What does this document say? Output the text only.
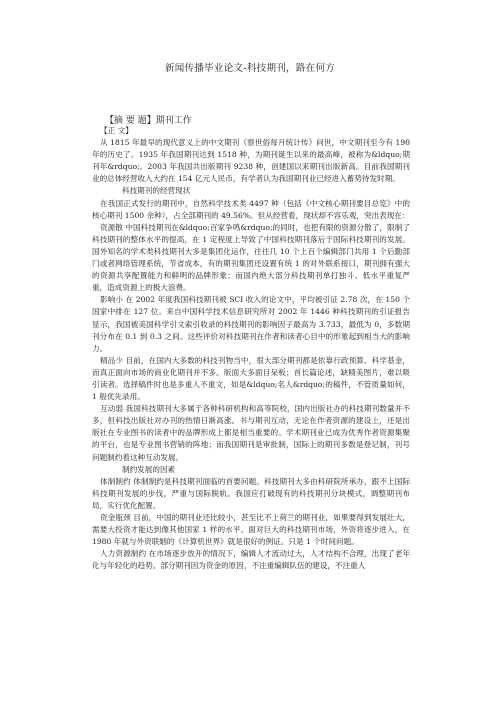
新闻传播毕业论文-科技期刊，路在何方
【摘 要 题】期刊工作

【正 文】

从 1815 年最早的现代意义上的中文期刊《察世俗每月统计传》问世，中文期刊至今有 190 年的历史了。1935 年我国期刊达到 1518 种，为期刊诞生以来的最高峰，被称为&ldquo;期刊年&rdquo;。2003 年我国共出版期刊 9238 种，创建国以来期刊出版新高。目前我国期刊业的总体经营收入大约在 154 亿元人民币，有学者认为我国期刊业已经进入蓄势待发时期。

科技期刊的经营现状

在我国正式发行的期刊中，自然科学技术类 4497 种（包括《中文核心期刊要目总览》中的核心期刊 1500 余种），占全部期刊的 49.56%。但从经营看，现状却不容乐观，突出表现在：

资源散 中国科技期刊在&ldquo;百家争鸣&rdquo;的同时，也把有限的资源分散了，限制了科技期刊的整体水平的提高，在 1 定程度上导致了中国科技期刊落后于国际科技期刊的发展。国外知名的学术类科技期刊大多是集团化运作，往往几 10 个上百个编辑部门共用 1 个后勤部门或者网络管理系统，节省成本，有的期刊集团还设置有统 1 的对外联系接口，期刊拥有强大的资源共享配置能力和鲜明的品牌形象；而国内绝大部分科技期刊单打独斗、低水平重复严重，造成资源上的极大浪费。

影响小 在 2002 年度我国科技期刊被 SCI 收入的论文中，平均被引证 2.78 次，在 150 个国家中排在 127 位。来自中国科学技术信息研究所对 2002 年 1446 种科技期刊的引证报告显示，我国被美国科学引文索引收录的科技期刊的影响因子最高为 3.733，最低为 0，多数期刊分布在 0.1 到 0.3 之间。这些评价对科技期刊在作者和读者心目中的形象起到相当大的影响力。

精品少 目前，在国内大多数的科技刊物当中，很大部分期刊都是依靠行政预算、科学基金，而真正面向市场的商业化期刊并不多。版面大多面目呆板；首长篇论述，缺精美图片，难以吸引读者。选择稿件时也是多重人不重文，如是&ldquo;名人&rdquo;的稿件，不管质量如何，1 般优先录用。

互动弱 我国科技期刊大多属于各种科研机构和高等院校，国内出版社办的科技期刊数量并不多，但科技出版社对办刊的热情日渐高涨。书与期刊互动，无论在作者资源的建设上，还是出版社在专业图书的读者中的品牌形成上都是相当重要的。学术期刊业已成为优秀作者资源集聚的平台，也是专业图书营销的阵地；而我国期刊是审批制，国际上的期刊多数是登记制，刊号问题制约着这种互动发展。

制约发展的因素

体制制约 体制制约是科技期刊面临的首要问题。科技期刊大多由科研院所承办，跟不上国际科技期刊发展的步伐，严重与国际脱轨。我国应打破现有的科技期刊分块模式，调整期刊布局，实行优化配置。

资金瓶颈 目前，中国的期刊业还比较小，甚至比不上荷兰的期刊业，如果要得到发展壮大，需要大投资才能达到像其他国家 1 样的水平。面对巨大的科技期刊市场，外资将逐步进入，在 1980 年就与外资联姻的《计算机世界》就是很好的例证。只是 1 个时间问题。

人力资源制约 在市场逐步放开的情况下，编辑人才流动过大，人才结构不合理，出现了老年化与年轻化的趋势。部分期刊因为资金的原因，不注重编辑队伍的建设，不注重人
